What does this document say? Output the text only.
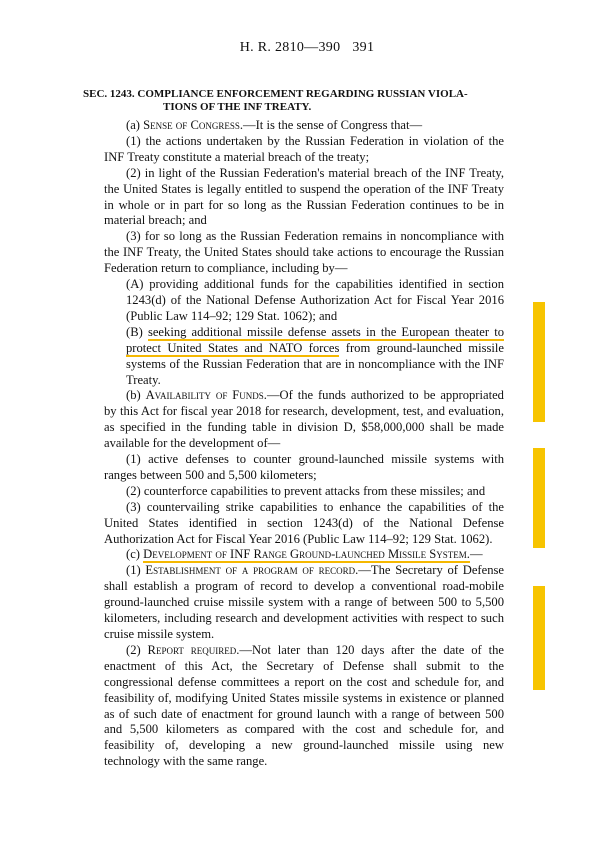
H. R. 2810—390 391
SEC. 1243. COMPLIANCE ENFORCEMENT REGARDING RUSSIAN VIOLA-
TIONS OF THE INF TREATY.

(a) Sense of Congress.—It is the sense of Congress that—

(1) the actions undertaken by the Russian Federation in violation of the INF Treaty constitute a material breach of the treaty;

(2) in light of the Russian Federation's material breach of the INF Treaty, the United States is legally entitled to suspend the operation of the INF Treaty in whole or in part for so long as the Russian Federation continues to be in material breach; and

(3) for so long as the Russian Federation remains in noncompliance with the INF Treaty, the United States should take actions to encourage the Russian Federation return to compliance, including by—

(A) providing additional funds for the capabilities identified in section 1243(d) of the National Defense Authorization Act for Fiscal Year 2016 (Public Law 114–92; 129 Stat. 1062); and

(B) seeking additional missile defense assets in the European theater to protect United States and NATO forces from ground-launched missile systems of the Russian Federation that are in noncompliance with the INF Treaty.

(b) Availability of Funds.—Of the funds authorized to be appropriated by this Act for fiscal year 2018 for research, development, test, and evaluation, as specified in the funding table in division D, $58,000,000 shall be made available for the development of—

(1) active defenses to counter ground-launched missile systems with ranges between 500 and 5,500 kilometers;

(2) counterforce capabilities to prevent attacks from these missiles; and

(3) countervailing strike capabilities to enhance the capabilities of the United States identified in section 1243(d) of the National Defense Authorization Act for Fiscal Year 2016 (Public Law 114–92; 129 Stat. 1062).

(c) Development of INF Range Ground-launched Missile System.—

(1) Establishment of a program of record.—The Secretary of Defense shall establish a program of record to develop a conventional road-mobile ground-launched cruise missile system with a range of between 500 to 5,500 kilometers, including research and development activities with respect to such cruise missile system.

(2) Report required.—Not later than 120 days after the date of the enactment of this Act, the Secretary of Defense shall submit to the congressional defense committees a report on the cost and schedule for, and feasibility of, modifying United States missile systems in existence or planned as of such date of enactment for ground launch with a range of between 500 and 5,500 kilometers as compared with the cost and schedule for, and feasibility of, developing a new ground-launched missile using new technology with the same range.
